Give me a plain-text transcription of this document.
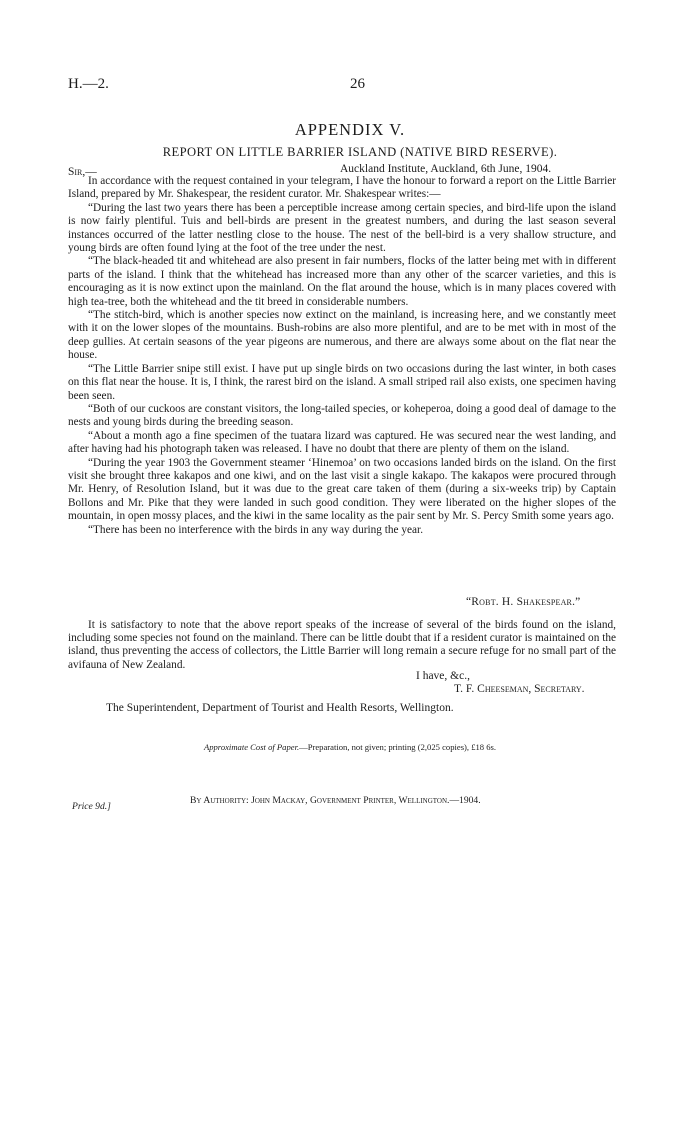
H.—2.	26
APPENDIX V.
REPORT ON LITTLE BARRIER ISLAND (NATIVE BIRD RESERVE).
Sir,—	Auckland Institute, Auckland, 6th June, 1904.

In accordance with the request contained in your telegram, I have the honour to forward a report on the Little Barrier Island, prepared by Mr. Shakespear, the resident curator. Mr. Shakespear writes:—

“During the last two years there has been a perceptible increase among certain species, and bird-life upon the island is now fairly plentiful. Tuis and bell-birds are present in the greatest numbers, and during the last season several instances occurred of the latter nestling close to the house. The nest of the bell-bird is a very shallow structure, and young birds are often found lying at the foot of the tree under the nest.

“The black-headed tit and whitehead are also present in fair numbers, flocks of the latter being met with in different parts of the island. I think that the whitehead has increased more than any other of the scarcer varieties, and this is encouraging as it is now extinct upon the mainland. On the flat around the house, which is in many places covered with high tea-tree, both the whitehead and the tit breed in considerable numbers.

“The stitch-bird, which is another species now extinct on the mainland, is increasing here, and we constantly meet with it on the lower slopes of the mountains. Bush-robins are also more plentiful, and are to be met with in most of the deep gullies. At certain seasons of the year pigeons are numerous, and there are always some about on the flat near the house.

“The Little Barrier snipe still exist. I have put up single birds on two occasions during the last winter, in both cases on this flat near the house. It is, I think, the rarest bird on the island. A small striped rail also exists, one specimen having been seen.

“Both of our cuckoos are constant visitors, the long-tailed species, or koheperoa, doing a good deal of damage to the nests and young birds during the breeding season.

“About a month ago a fine specimen of the tuatara lizard was captured. He was secured near the west landing, and after having had his photograph taken was released. I have no doubt that there are plenty of them on the island.

“During the year 1903 the Government steamer ‘Hinemoa’ on two occasions landed birds on the island. On the first visit she brought three kakapos and one kiwi, and on the last visit a single kakapo. The kakapos were procured through Mr. Henry, of Resolution Island, but it was due to the great care taken of them (during a six-weeks trip) by Captain Bollons and Mr. Pike that they were landed in such good condition. They were liberated on the higher slopes of the mountain, in open mossy places, and the kiwi in the same locality as the pair sent by Mr. S. Percy Smith some years ago.

“There has been no interference with the birds in any way during the year.

“Robt. H. Shakespear.”

It is satisfactory to note that the above report speaks of the increase of several of the birds found on the island, including some species not found on the mainland. There can be little doubt that if a resident curator is maintained on the island, thus preventing the access of collectors, the Little Barrier will long remain a secure refuge for no small part of the avifauna of New Zealand.

I have, &c.,
T. F. Cheeseman, Secretary.
The Superintendent, Department of Tourist and Health Resorts, Wellington.
Approximate Cost of Paper.—Preparation, not given; printing (2,025 copies), £18 6s.
By Authority: John Mackay, Government Printer, Wellington.—1904.
Price 9d.]
